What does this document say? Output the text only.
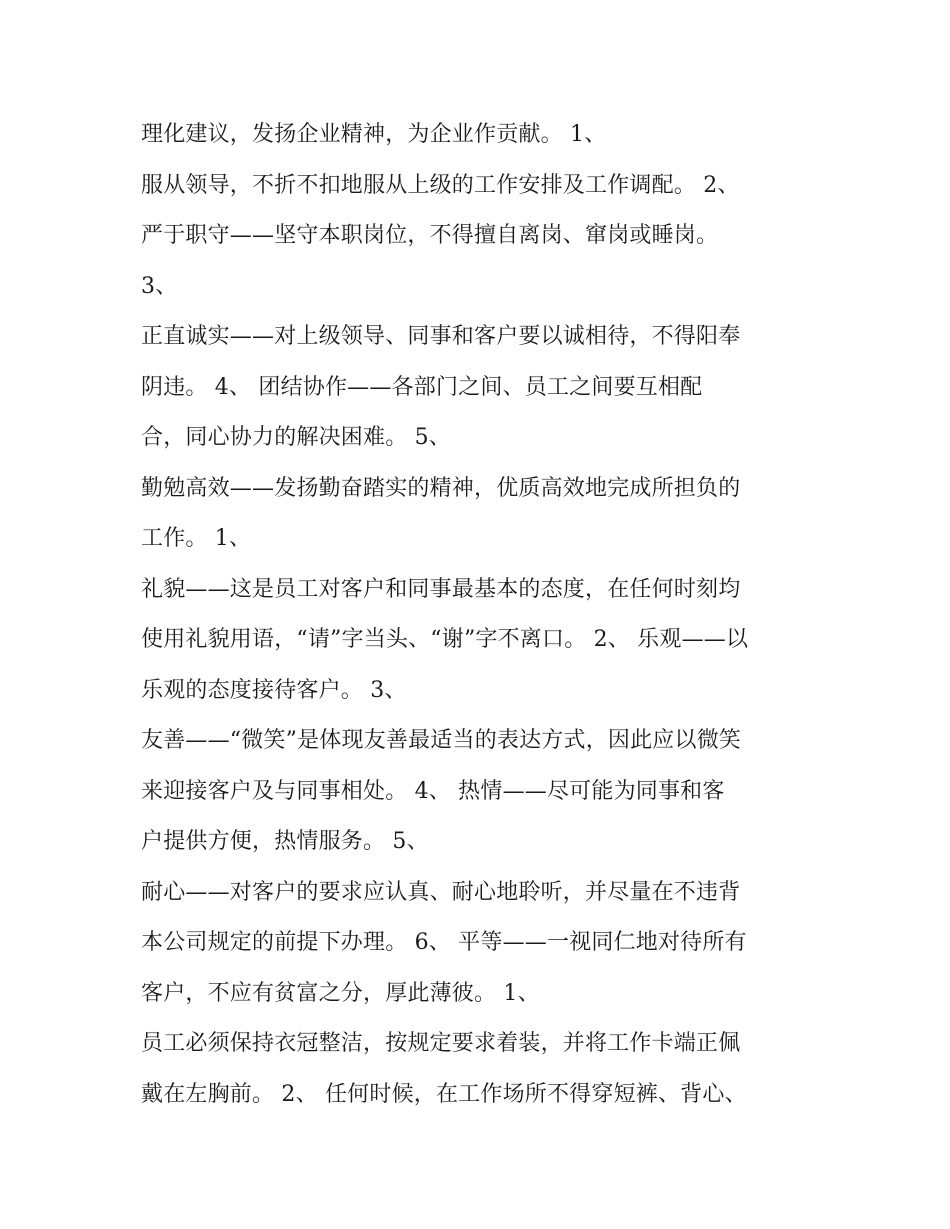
理化建议，发扬企业精神，为企业作贡献。 1、
服从领导，不折不扣地服从上级的工作安排及工作调配。 2、
严于职守——坚守本职岗位，不得擅自离岗、窜岗或睡岗。
3、
正直诚实——对上级领导、同事和客户要以诚相待，不得阳奉
阴违。 4、 团结协作——各部门之间、员工之间要互相配
合，同心协力的解决困难。 5、
勤勉高效——发扬勤奋踏实的精神，优质高效地完成所担负的
工作。 1、
礼貌——这是员工对客户和同事最基本的态度，在任何时刻均
使用礼貌用语，“请”字当头、“谢”字不离口。 2、 乐观——以
乐观的态度接待客户。 3、
友善——“微笑”是体现友善最适当的表达方式，因此应以微笑
来迎接客户及与同事相处。 4、 热情——尽可能为同事和客
户提供方便，热情服务。 5、
耐心——对客户的要求应认真、耐心地聆听，并尽量在不违背
本公司规定的前提下办理。 6、 平等——一视同仁地对待所有
客户，不应有贫富之分，厚此薄彼。 1、
员工必须保持衣冠整洁，按规定要求着装，并将工作卡端正佩
戴在左胸前。 2、 任何时候，在工作场所不得穿短裤、背心、
